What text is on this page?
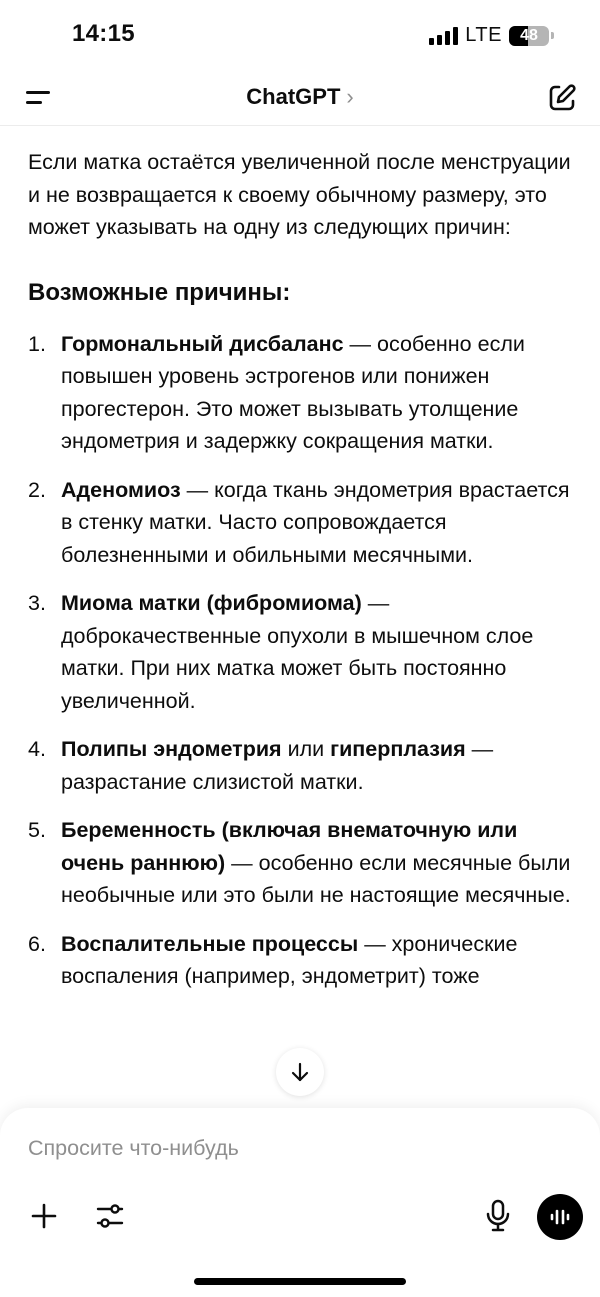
14:15	LTE 48
ChatGPT ›

Если матка остаётся увеличенной после менструации и не возвращается к своему обычному размеру, это может указывать на одну из следующих причин:

Возможные причины:
1. Гормональный дисбаланс — особенно если повышен уровень эстрогенов или понижен прогестерон. Это может вызывать утолщение эндометрия и задержку сокращения матки.
2. Аденомиоз — когда ткань эндометрия врастается в стенку матки. Часто сопровождается болезненными и обильными месячными.
3. Миома матки (фибромиома) — доброкачественные опухоли в мышечном слое матки. При них матка может быть постоянно увеличенной.
4. Полипы эндометрия или гиперплазия — разрастание слизистой матки.
5. Беременность (включая внематочную или очень раннюю) — особенно если месячные были необычные или это были не настоящие месячные.
6. Воспалительные процессы — хронические воспаления (например, эндометрит) тоже
Спросите что-нибудь
